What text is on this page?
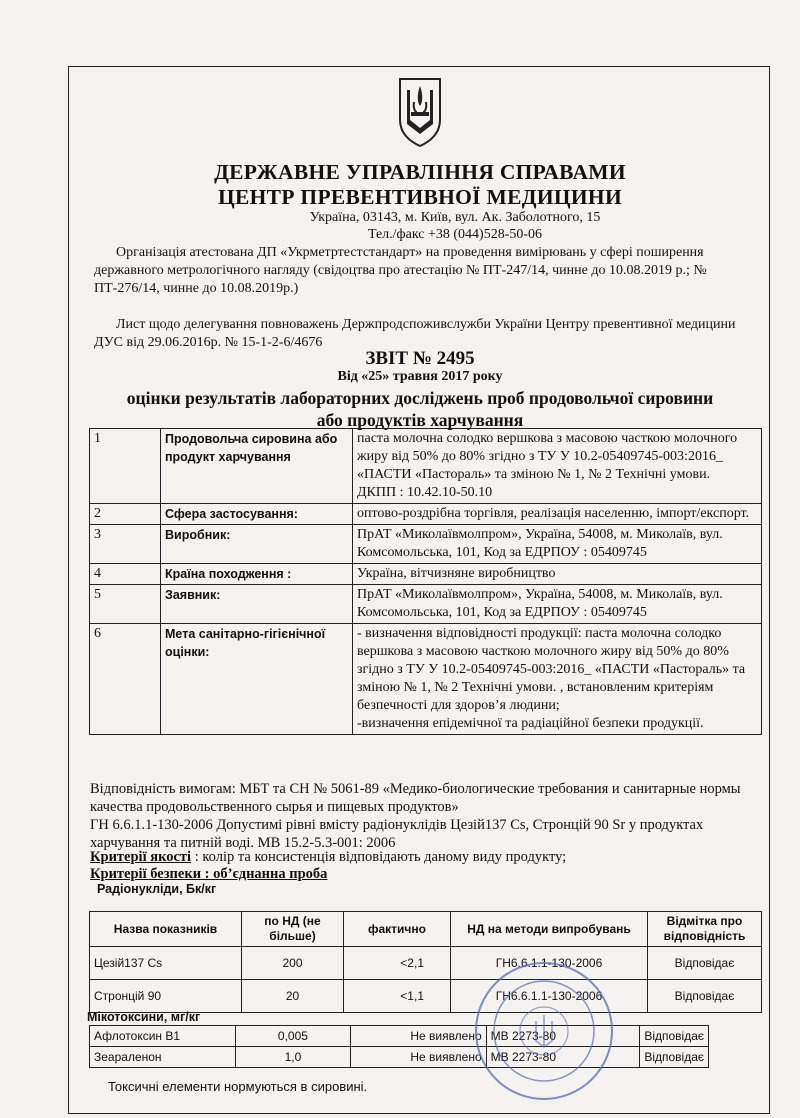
ДЕРЖАВНЕ УПРАВЛІННЯ СПРАВАМИ
ЦЕНТР ПРЕВЕНТИВНОЇ МЕДИЦИНИ
Україна, 03143, м. Київ, вул. Ак. Заболотного, 15
Тел./факс +38 (044)528-50-06
Організація атестована ДП «Укрметртестстандарт» на проведення вимірювань у сфері поширення державного метрологічного нагляду (свідоцтва про атестацію № ПТ-247/14, чинне до 10.08.2019 р.; № ПТ-276/14, чинне до 10.08.2019р.)
Лист щодо делегування повноважень Держпродспоживслужби України Центру превентивної медицини ДУС від 29.06.2016р. № 15-1-2-6/4676
ЗВІТ № 2495
Від «25» травня 2017 року
оцінки результатів лабораторних досліджень проб продовольчої сировини
або продуктів харчування
1	Продовольча сировина або продукт харчування	паста молочна солодко вершкова з масовою часткою молочного жиру від 50% до 80% згідно з ТУ У 10.2-05409745-003:2016_ «ПАСТИ «Пастораль» та зміною № 1, № 2 Технічні умови.
ДКПП : 10.42.10-50.10
2	Сфера застосування:	оптово-роздрібна торгівля, реалізація населенню, імпорт/експорт.
3	Виробник:	ПрАТ «Миколаївмолпром», Україна, 54008, м. Миколаїв, вул. Комсомольська, 101, Код за ЕДРПОУ : 05409745
4	Країна походження :	Україна, вітчизняне виробництво
5	Заявник:	ПрАТ «Миколаївмолпром», Україна, 54008, м. Миколаїв, вул. Комсомольська, 101, Код за ЕДРПОУ : 05409745
6	Мета санітарно-гігієнічної оцінки:	- визначення відповідності продукції: паста молочна солодко вершкова з масовою часткою молочного жиру від 50% до 80% згідно з ТУ У 10.2-05409745-003:2016_ «ПАСТИ «Пастораль» та зміною № 1, № 2 Технічні умови. , встановленим критеріям безпечності для здоров’я людини;
-визначення епідемічної та радіаційної безпеки продукції.
Відповідність вимогам: МБТ та СН № 5061-89 «Медико-биологические требования и санитарные нормы качества продовольственного сырья и пищевых продуктов»
ГН 6.6.1.1-130-2006 Допустимі рівні вмісту радіонуклідів Цезій137 Cs, Стронцій 90 Sr у продуктах харчування та питній воді. МВ 15.2-5.3-001: 2006
Критерії якості : колір та консистенція відповідають даному виду продукту;
Критерії безпеки : об’єднанна проба
Радіонукліди, Бк/кг
Назва показників	по НД (не більше)	фактично	НД на методи випробувань	Відмітка про відповідність
Цезій137 Cs	200	<2,1	ГН6.6.1.1-130-2006	Відповідає
Стронцій 90	20	<1,1	ГН6.6.1.1-130-2006	Відповідає
Мікотоксини, мг/кг
Афлотоксин В1	0,005	Не виявлено	МВ 2273-80	Відповідає
Зеараленон	1,0	Не виявлено	МВ 2273-80	Відповідає
Токсичні елементи нормуються в сировині.
